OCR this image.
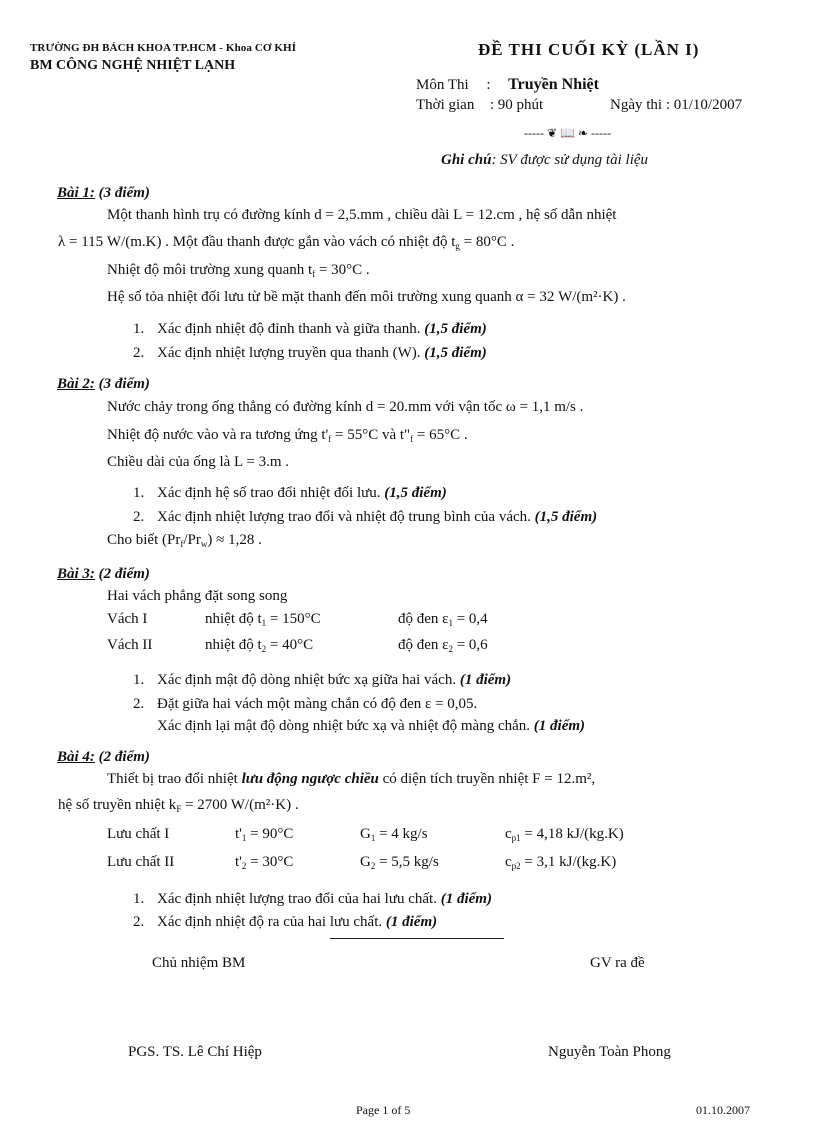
TRƯỜNG ĐH BÁCH KHOA TP.HCM - Khoa CƠ KHÍ
BM CÔNG NGHỆ NHIỆT LẠNH
ĐỀ THI CUỐI KỲ (LẦN I)
Môn Thi : Truyền Nhiệt
Thời gian : 90 phút	Ngày thi : 01/10/2007
----- ❦ 📖 ❧ -----
Ghi chú: SV được sử dụng tài liệu
Bài 1: (3 điểm)
Một thanh hình trụ có đường kính d = 2,5.mm , chiều dài L = 12.cm , hệ số dẫn nhiệt
λ = 115 W/(m.K) . Một đầu thanh được gắn vào vách có nhiệt độ $t_g = 80^\circ C$ .
Nhiệt độ môi trường xung quanh $t_f = 30^\circ C$ .
Hệ số tỏa nhiệt đối lưu từ bề mặt thanh đến môi trường xung quanh α = 32 W/(m²·K) .
1. Xác định nhiệt độ đỉnh thanh và giữa thanh. (1,5 điểm)
2. Xác định nhiệt lượng truyền qua thanh (W). (1,5 điểm)
Bài 2: (3 điểm)
Nước chảy trong ống thẳng có đường kính d = 20.mm với vận tốc ω = 1,1 m/s .
Nhiệt độ nước vào và ra tương ứng $t'_f = 55^\circ C$ và $t"_f = 65^\circ C$ .
Chiều dài của ống là L = 3.m .
1. Xác định hệ số trao đổi nhiệt đối lưu. (1,5 điểm)
2. Xác định nhiệt lượng trao đổi và nhiệt độ trung bình của vách. (1,5 điểm)
Cho biết $(Pr_f/Pr_w) \approx 1,28$ .
Bài 3: (2 điểm)
Hai vách phẳng đặt song song
Vách I	nhiệt độ $t_1 = 150^\circ C$	độ đen $\varepsilon_1 = 0,4$
Vách II	nhiệt độ $t_2 = 40^\circ C$	độ đen $\varepsilon_2 = 0,6$
1. Xác định mật độ dòng nhiệt bức xạ giữa hai vách. (1 điểm)
2. Đặt giữa hai vách một màng chắn có độ đen ε = 0,05.
Xác định lại mật độ dòng nhiệt bức xạ và nhiệt độ màng chắn. (1 điểm)
Bài 4: (2 điểm)
Thiết bị trao đổi nhiệt lưu động ngược chiều có diện tích truyền nhiệt F = 12.m²,
hệ số truyền nhiệt $k_F = 2700$ W/(m²·K) .
Lưu chất I	$t'_1 = 90^\circ C$	$G_1 = 4$ kg/s	$c_{p1} = 4,18$ kJ/(kg.K)
Lưu chất II	$t'_2 = 30^\circ C$	$G_2 = 5,5$ kg/s	$c_{p2} = 3,1$ kJ/(kg.K)
1. Xác định nhiệt lượng trao đổi của hai lưu chất. (1 điểm)
2. Xác định nhiệt độ ra của hai lưu chất. (1 điểm)
Chủ nhiệm BM	GV ra đề
PGS. TS. Lê Chí Hiệp	Nguyễn Toàn Phong
Page 1 of 5	01.10.2007
